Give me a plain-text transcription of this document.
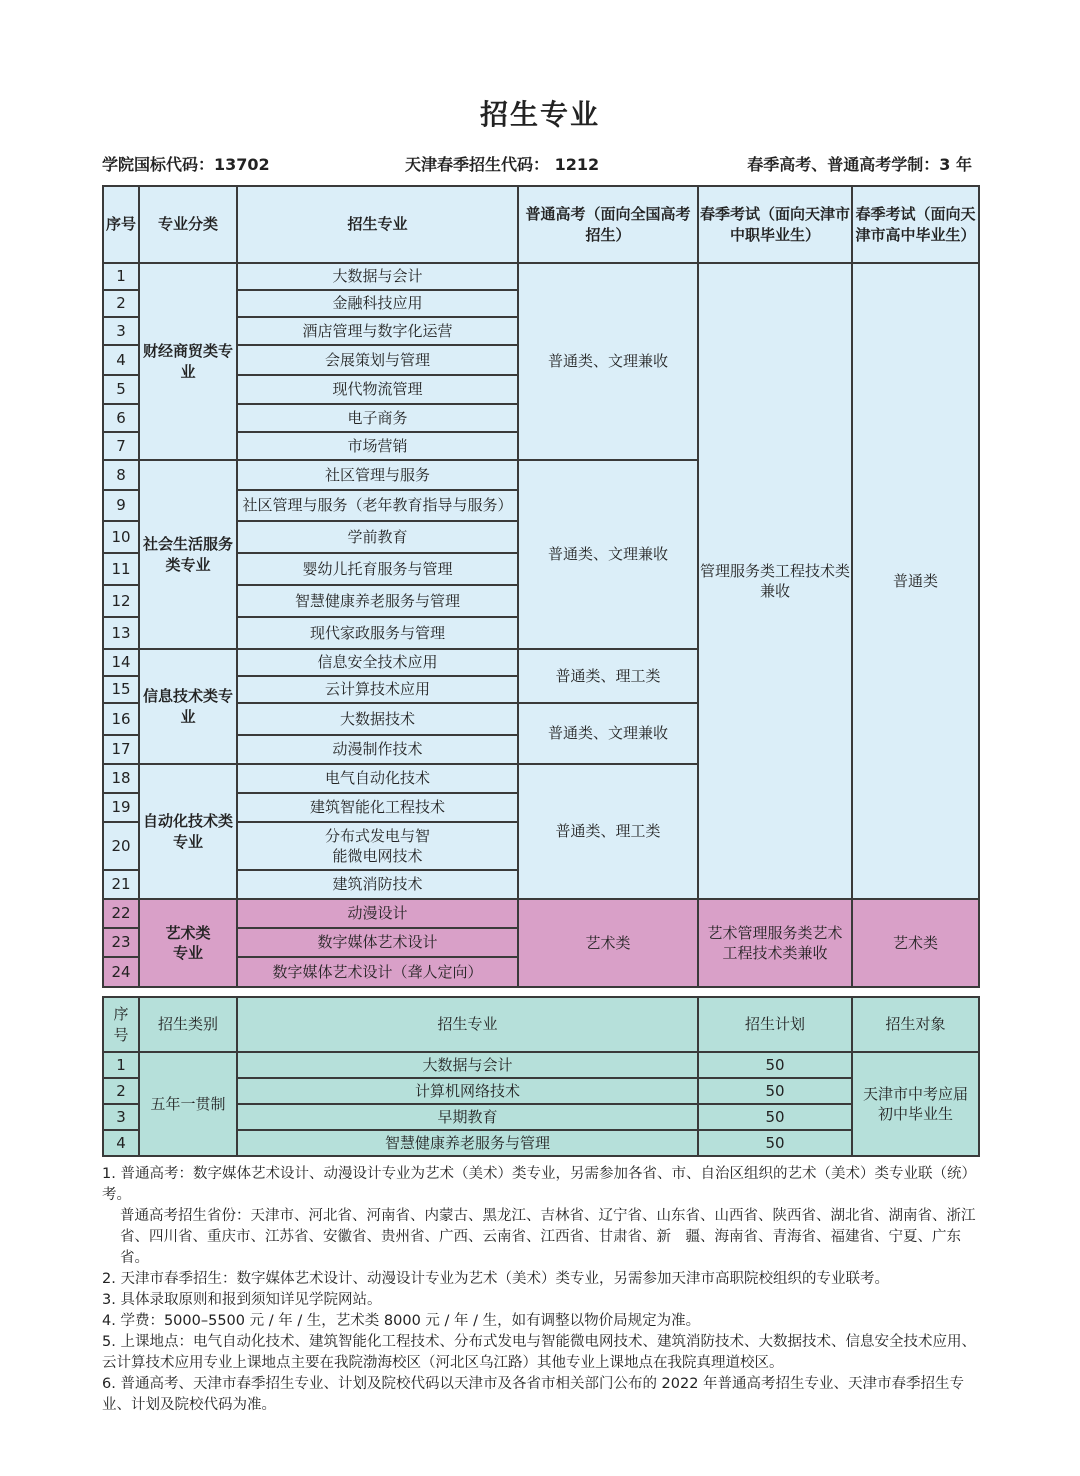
招生专业
学院国标代码：13702	天津春季招生代码： 1212	春季高考、普通高考学制：3 年
序号	专业分类	招生专业	普通高考（面向全国高考招生）	春季考试（面向天津市中职毕业生）	春季考试（面向天津市高中毕业生）
1	财经商贸类专业	大数据与会计	普通类、文理兼收	管理服务类工程技术类兼收	普通类
2		金融科技应用			
3		酒店管理与数字化运营			
4		会展策划与管理			
5		现代物流管理			
6		电子商务			
7		市场营销			
8	社会生活服务类专业	社区管理与服务	普通类、文理兼收		
9		社区管理与服务（老年教育指导与服务）			
10		学前教育			
11		婴幼儿托育服务与管理			
12		智慧健康养老服务与管理			
13		现代家政服务与管理			
14	信息技术类专业	信息安全技术应用	普通类、理工类		
15		云计算技术应用			
16		大数据技术	普通类、文理兼收		
17		动漫制作技术			
18	自动化技术类专业	电气自动化技术	普通类、理工类		
19		建筑智能化工程技术			
20		分布式发电与智能微电网技术			
21		建筑消防技术			
22	艺术类专业	动漫设计	艺术类	艺术管理服务类艺术工程技术类兼收	艺术类
23		数字媒体艺术设计			
24		数字媒体艺术设计（聋人定向）			
序号	招生类别	招生专业	招生计划	招生对象
1	五年一贯制	大数据与会计	50	天津市中考应届初中毕业生
2		计算机网络技术	50	
3		早期教育	50	
4		智慧健康养老服务与管理	50	
1. 普通高考：数字媒体艺术设计、动漫设计专业为艺术（美术）类专业，另需参加各省、市、自治区组织的艺术（美术）类专业联（统）考。
普通高考招生省份：天津市、河北省、河南省、内蒙古、黑龙江、吉林省、辽宁省、山东省、山西省、陕西省、湖北省、湖南省、浙江省、四川省、重庆市、江苏省、安徽省、贵州省、广西、云南省、江西省、甘肃省、新　疆、海南省、青海省、福建省、宁夏、广东省。
2. 天津市春季招生：数字媒体艺术设计、动漫设计专业为艺术（美术）类专业，另需参加天津市高职院校组织的专业联考。
3. 具体录取原则和报到须知详见学院网站。
4. 学费：5000–5500 元 / 年 / 生，艺术类 8000 元 / 年 / 生，如有调整以物价局规定为准。
5. 上课地点：电气自动化技术、建筑智能化工程技术、分布式发电与智能微电网技术、建筑消防技术、大数据技术、信息安全技术应用、云计算技术应用专业上课地点主要在我院渤海校区（河北区乌江路）其他专业上课地点在我院真理道校区。
6. 普通高考、天津市春季招生专业、计划及院校代码以天津市及各省市相关部门公布的 2022 年普通高考招生专业、天津市春季招生专业、计划及院校代码为准。
